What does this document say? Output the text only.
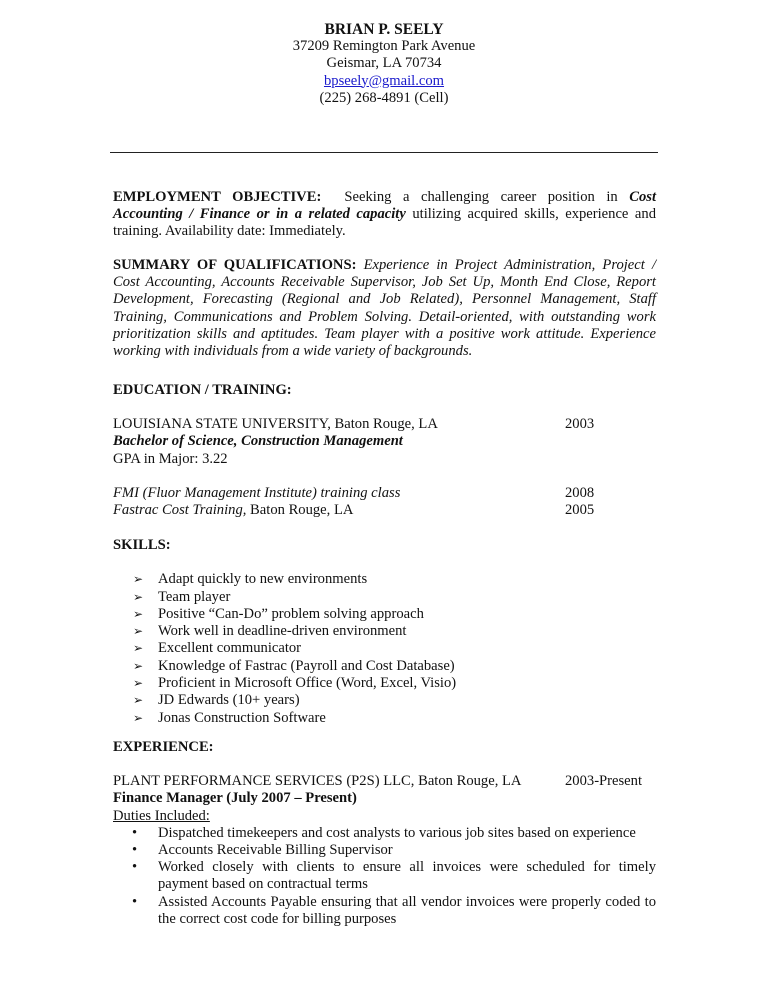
BRIAN P. SEELY
37209 Remington Park Avenue
Geismar, LA 70734
bpseely@gmail.com
(225) 268-4891 (Cell)
EMPLOYMENT OBJECTIVE:  Seeking a challenging career position in Cost Accounting / Finance or in a related capacity utilizing acquired skills, experience and training. Availability date: Immediately.
SUMMARY OF QUALIFICATIONS: Experience in Project Administration, Project / Cost Accounting, Accounts Receivable Supervisor, Job Set Up, Month End Close, Report Development, Forecasting (Regional and Job Related), Personnel Management, Staff Training, Communications and Problem Solving. Detail-oriented, with outstanding work prioritization skills and aptitudes. Team player with a positive work attitude. Experience working with individuals from a wide variety of backgrounds.
EDUCATION / TRAINING:
LOUISIANA STATE UNIVERSITY, Baton Rouge, LA	2003
Bachelor of Science, Construction Management
GPA in Major: 3.22
FMI (Fluor Management Institute) training class	2008
Fastrac Cost Training, Baton Rouge, LA	2005
SKILLS:
➢ Adapt quickly to new environments
➢ Team player
➢ Positive “Can-Do” problem solving approach
➢ Work well in deadline-driven environment
➢ Excellent communicator
➢ Knowledge of Fastrac (Payroll and Cost Database)
➢ Proficient in Microsoft Office (Word, Excel, Visio)
➢ JD Edwards (10+ years)
➢ Jonas Construction Software
EXPERIENCE:
PLANT PERFORMANCE SERVICES (P2S) LLC, Baton Rouge, LA	2003-Present
Finance Manager (July 2007 – Present)
Duties Included:
• Dispatched timekeepers and cost analysts to various job sites based on experience
• Accounts Receivable Billing Supervisor
• Worked closely with clients to ensure all invoices were scheduled for timely payment based on contractual terms
• Assisted Accounts Payable ensuring that all vendor invoices were properly coded to the correct cost code for billing purposes
